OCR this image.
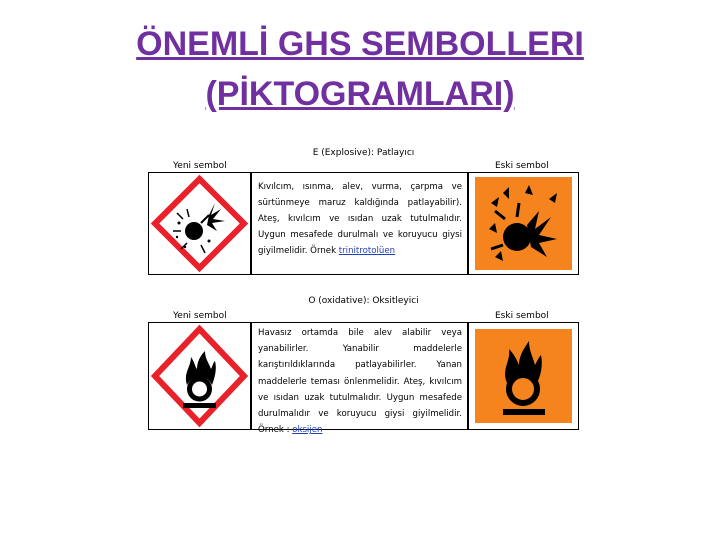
ÖNEMLİ GHS SEMBOLLERI
(PİKTOGRAMLARI)
Yeni sembol	Eski sembol
E (Explosive): Patlayıcı
Kıvılcım, ısınma, alev, vurma, çarpma ve sürtünmeye maruz kaldığında patlayabilir). Ateş, kıvılcım ve ısıdan uzak tutulmalıdır. Uygun mesafede durulmalı ve koruyucu giysi giyilmelidir. Örnek trinitrotolüen
Yeni sembol	Eski sembol
O (oxidative): Oksitleyici
Havasız ortamda bile alev alabilir veya yanabilirler. Yanabilir maddelerle karıştırıldıklarında patlayabilirler. Yanan maddelerle teması önlenmelidir. Ateş, kıvılcım ve ısıdan uzak tutulmalıdır. Uygun mesafede durulmalıdır ve koruyucu giysi giyilmelidir. Örnek : oksijen
